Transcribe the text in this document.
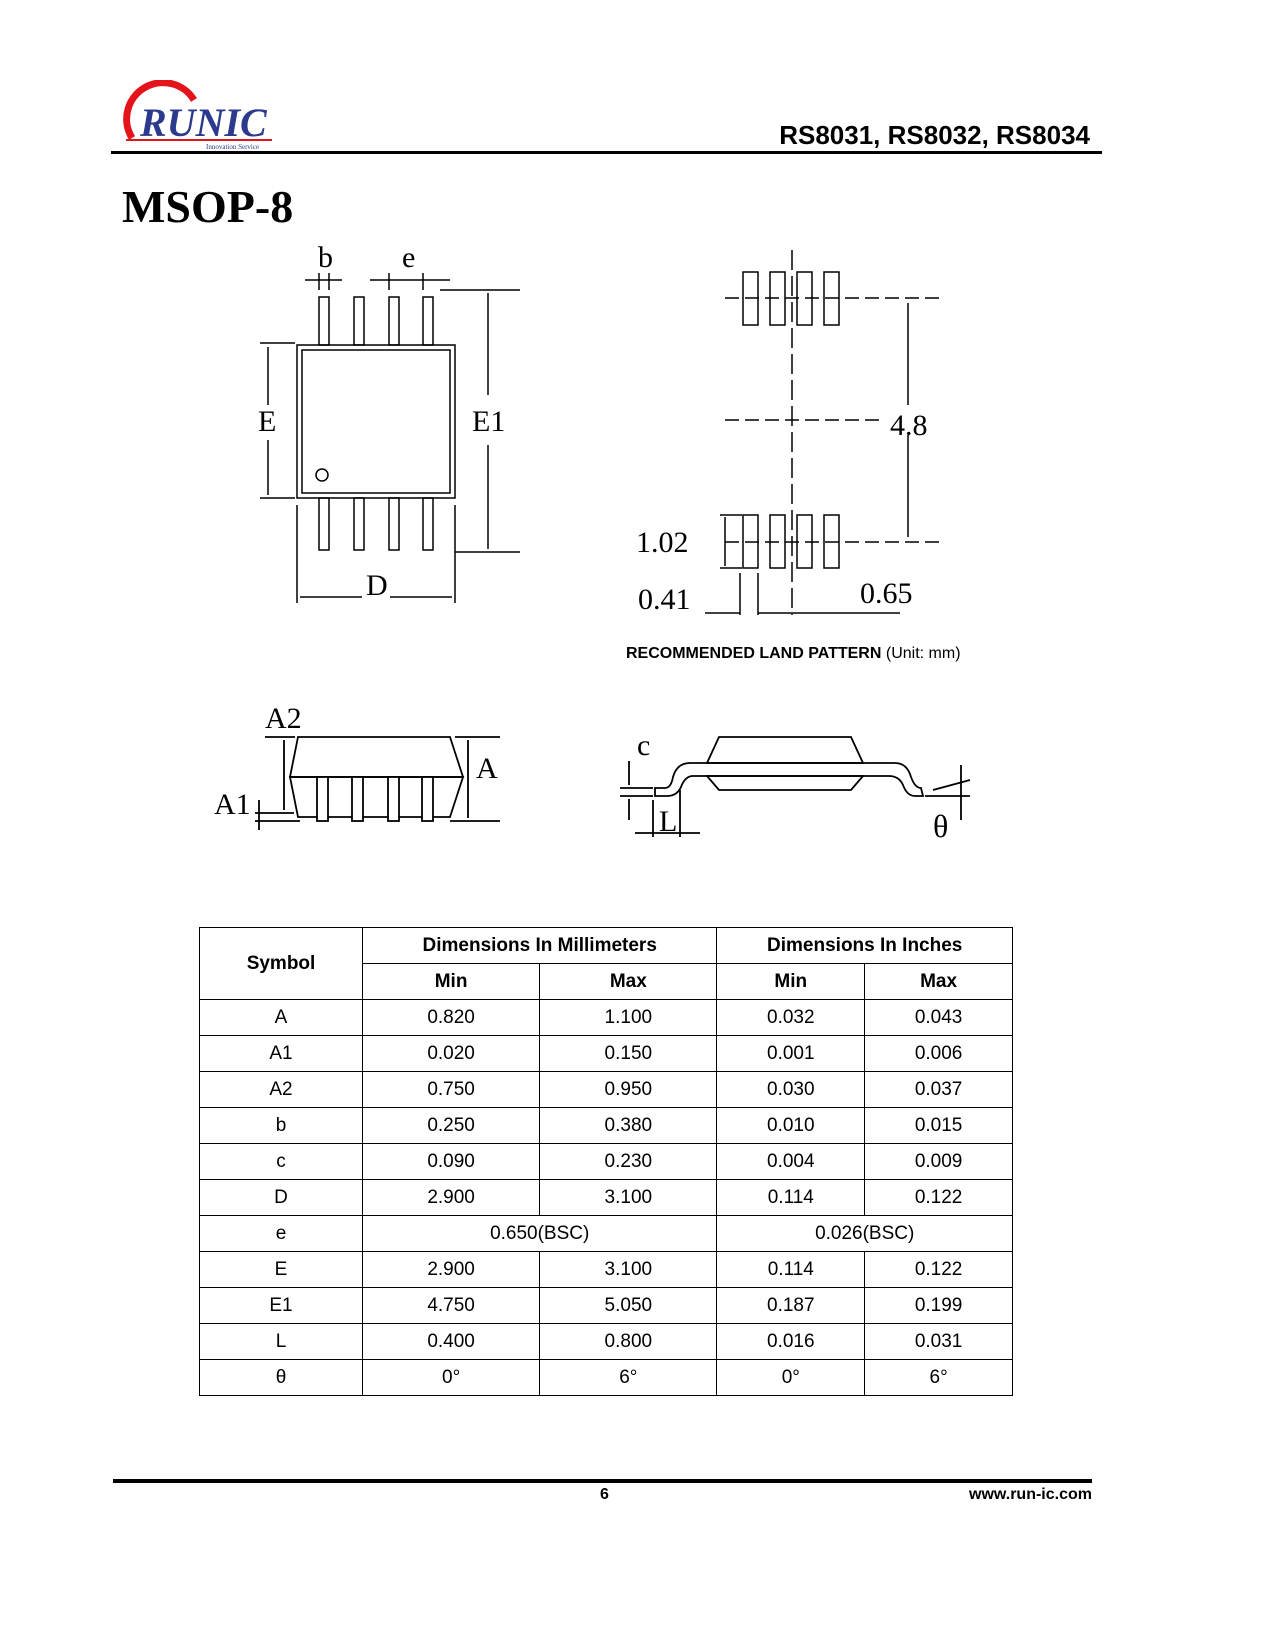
RUNIC
Innovation Service	RS8031, RS8032, RS8034
MSOP-8
b e
E	E1
D
4.8
1.02
0.41	0.65
RECOMMENDED LAND PATTERN (Unit: mm)
A2
A
A1
c
L	θ
Symbol	Dimensions In Millimeters		Dimensions In Inches	
	Min	Max	Min	Max
A	0.820	1.100	0.032	0.043
A1	0.020	0.150	0.001	0.006
A2	0.750	0.950	0.030	0.037
b	0.250	0.380	0.010	0.015
c	0.090	0.230	0.004	0.009
D	2.900	3.100	0.114	0.122
e	0.650(BSC)		0.026(BSC)	
E	2.900	3.100	0.114	0.122
E1	4.750	5.050	0.187	0.199
L	0.400	0.800	0.016	0.031
θ	0°	6°	0°	6°
6	www.run-ic.com
